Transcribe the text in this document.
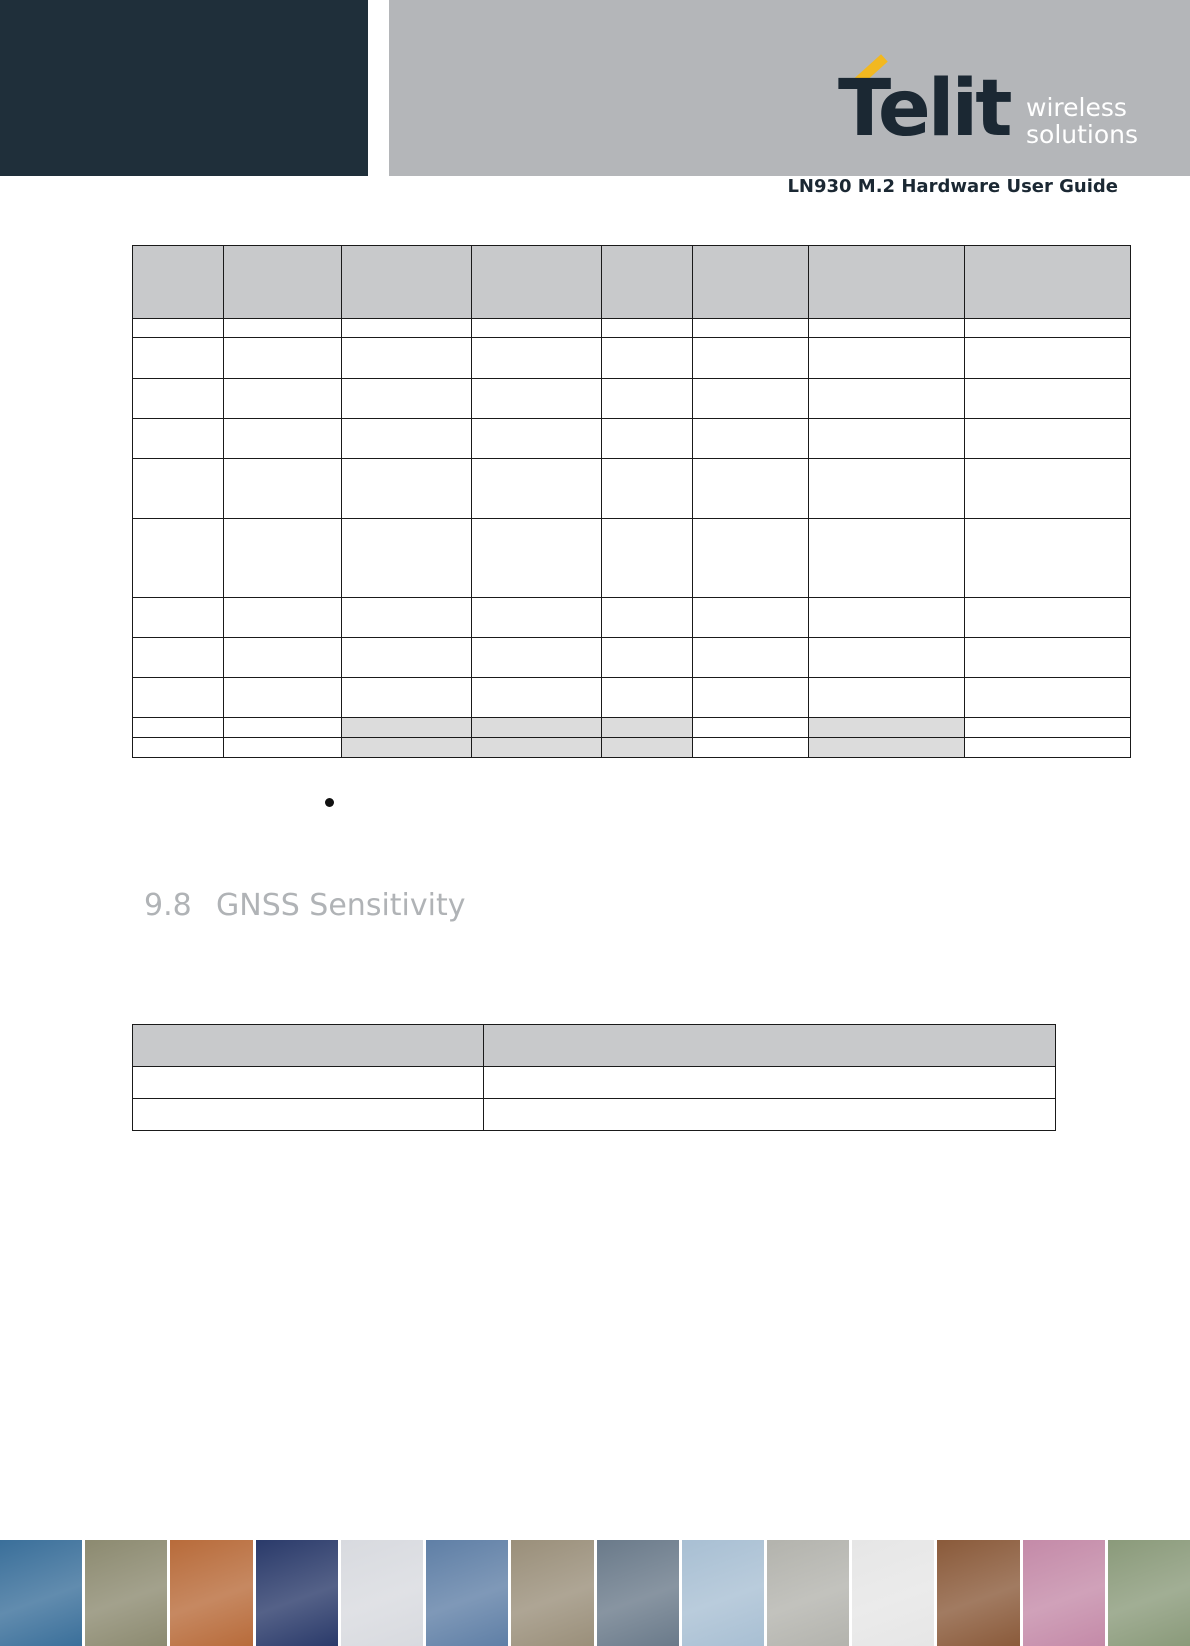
Telit wireless
solutions
LN930 M.2 Hardware User Guide

9.8 GNSS Sensitivity
